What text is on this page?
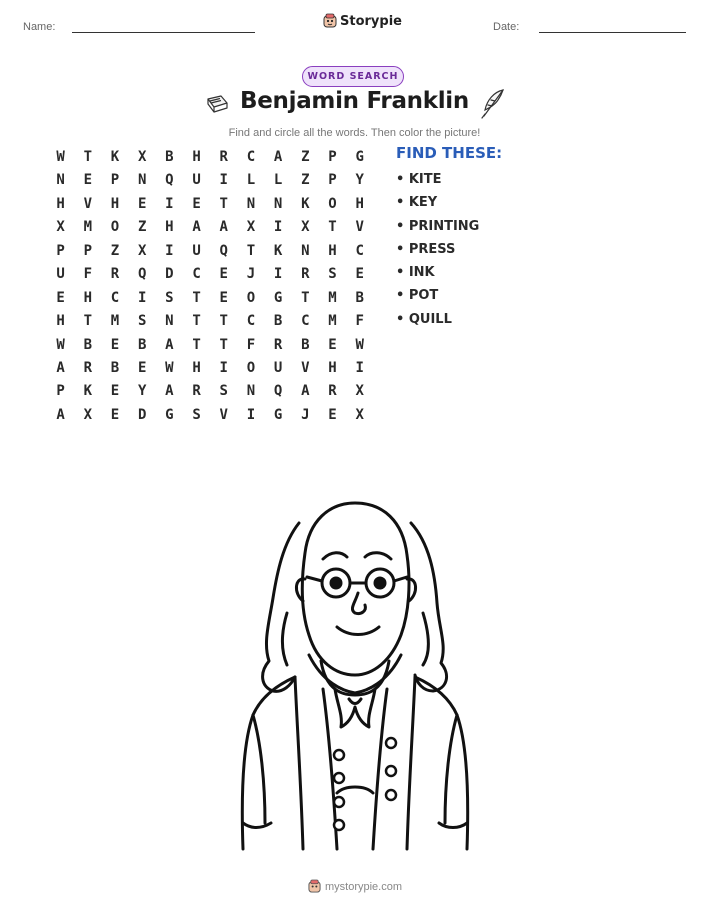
Name:	Storypie	Date:
WORD SEARCH
Benjamin Franklin
Find and circle all the words. Then color the picture!
W	T	K	X	B	H	R	C	A	Z	P	G
N	E	P	N	Q	U	I	L	L	Z	P	Y
H	V	H	E	I	E	T	N	N	K	O	H
X	M	O	Z	H	A	A	X	I	X	T	V
P	P	Z	X	I	U	Q	T	K	N	H	C
U	F	R	Q	D	C	E	J	I	R	S	E
E	H	C	I	S	T	E	O	G	T	M	B
H	T	M	S	N	T	T	C	B	C	M	F
W	B	E	B	A	T	T	F	R	B	E	W
A	R	B	E	W	H	I	O	U	V	H	I
P	K	E	Y	A	R	S	N	Q	A	R	X
A	X	E	D	G	S	V	I	G	J	E	X
FIND THESE:
• KITE
• KEY
• PRINTING
• PRESS
• INK
• POT
• QUILL
mystorypie.com
